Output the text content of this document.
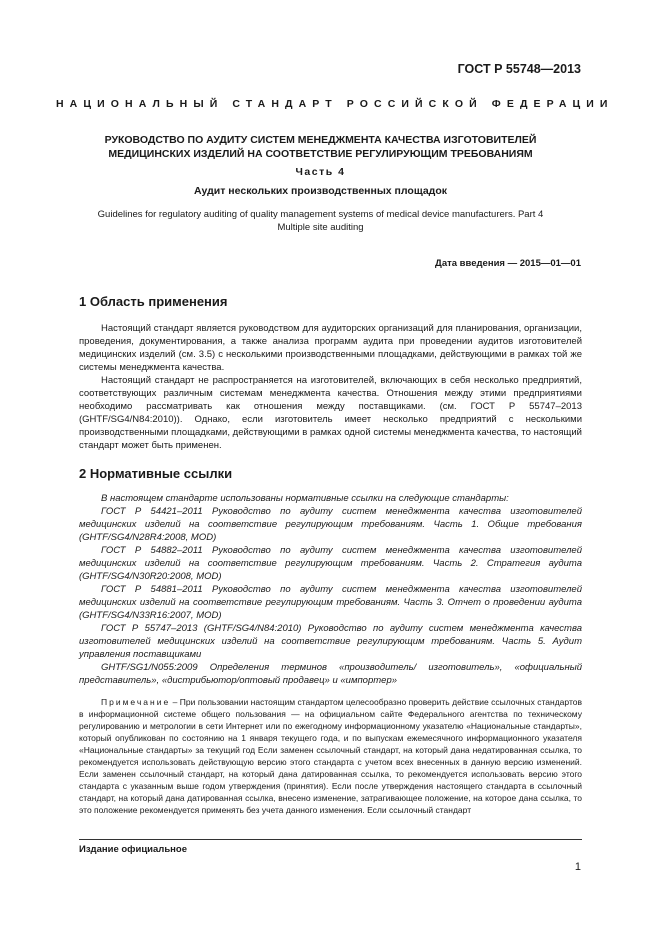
ГОСТ Р 55748—2013
НАЦИОНАЛЬНЫЙ СТАНДАРТ РОССИЙСКОЙ ФЕДЕРАЦИИ
РУКОВОДСТВО ПО АУДИТУ СИСТЕМ МЕНЕДЖМЕНТА КАЧЕСТВА ИЗГОТОВИТЕЛЕЙ
МЕДИЦИНСКИХ ИЗДЕЛИЙ НА СООТВЕТСТВИЕ РЕГУЛИРУЮЩИМ ТРЕБОВАНИЯМ
Часть 4
Аудит нескольких производственных площадок
Guidelines for regulatory auditing of quality management systems of medical device manufacturers. Part 4
Multiple site auditing
Дата введения — 2015—01—01
1 Область применения
Настоящий стандарт является руководством для аудиторских организаций для планирования, организации, проведения, документирования, а также анализа программ аудита при проведении аудитов изготовителей медицинских изделий (см. 3.5) с несколькими производственными площадками, действующими в рамках той же системы менеджмента качества.
Настоящий стандарт не распространяется на изготовителей, включающих в себя несколько предприятий, соответствующих различным системам менеджмента качества. Отношения между этими предприятиями необходимо рассматривать как отношения между поставщиками. (см. ГОСТ Р 55747–2013 (GHTF/SG4/N84:2010)). Однако, если изготовитель имеет несколько предприятий с несколькими производственными площадками, действующими в рамках одной системы менеджмента качества, то настоящий стандарт может быть применен.
2 Нормативные ссылки
В настоящем стандарте использованы нормативные ссылки на следующие стандарты:
ГОСТ Р 54421–2011 Руководство по аудиту систем менеджмента качества изготовителей медицинских изделий на соответствие регулирующим требованиям. Часть 1. Общие требования (GHTF/SG4/N28R4:2008, MOD)
ГОСТ Р 54882–2011 Руководство по аудиту систем менеджмента качества изготовителей медицинских изделий на соответствие регулирующим требованиям. Часть 2. Стратегия аудита (GHTF/SG4/N30R20:2008, MOD)
ГОСТ Р 54881–2011 Руководство по аудиту систем менеджмента качества изготовителей медицинских изделий на соответствие регулирующим требованиям. Часть 3. Отчет о проведении аудита (GHTF/SG4/N33R16:2007, MOD)
ГОСТ Р 55747–2013 (GHTF/SG4/N84:2010) Руководство по аудиту систем менеджмента качества изготовителей медицинских изделий на соответствие регулирующим требованиям. Часть 5. Аудит управления поставщиками
GHTF/SG1/N055:2009 Определения терминов «производитель/ изготовитель», «официальный представитель», «дистрибьютор/оптовый продавец» и «импортер»
Примечание – При пользовании настоящим стандартом целесообразно проверить действие ссылочных стандартов в информационной системе общего пользования — на официальном сайте Федерального агентства по техническому регулированию и метрологии в сети Интернет или по ежегодному информационному указателю «Национальные стандарты», который опубликован по состоянию на 1 января текущего года, и по выпускам ежемесячного информационного указателя «Национальные стандарты» за текущий год Если заменен ссылочный стандарт, на который дана недатированная ссылка, то рекомендуется использовать действующую версию этого стандарта с учетом всех внесенных в данную версию изменений. Если заменен ссылочный стандарт, на который дана датированная ссылка, то рекомендуется использовать версию этого стандарта с указанным выше годом утверждения (принятия). Если после утверждения настоящего стандарта в ссылочный стандарт, на который дана датированная ссылка, внесено изменение, затрагивающее положение, на которое дана ссылка, то это положение рекомендуется применять без учета данного изменения. Если ссылочный стандарт
Издание официальное
1
